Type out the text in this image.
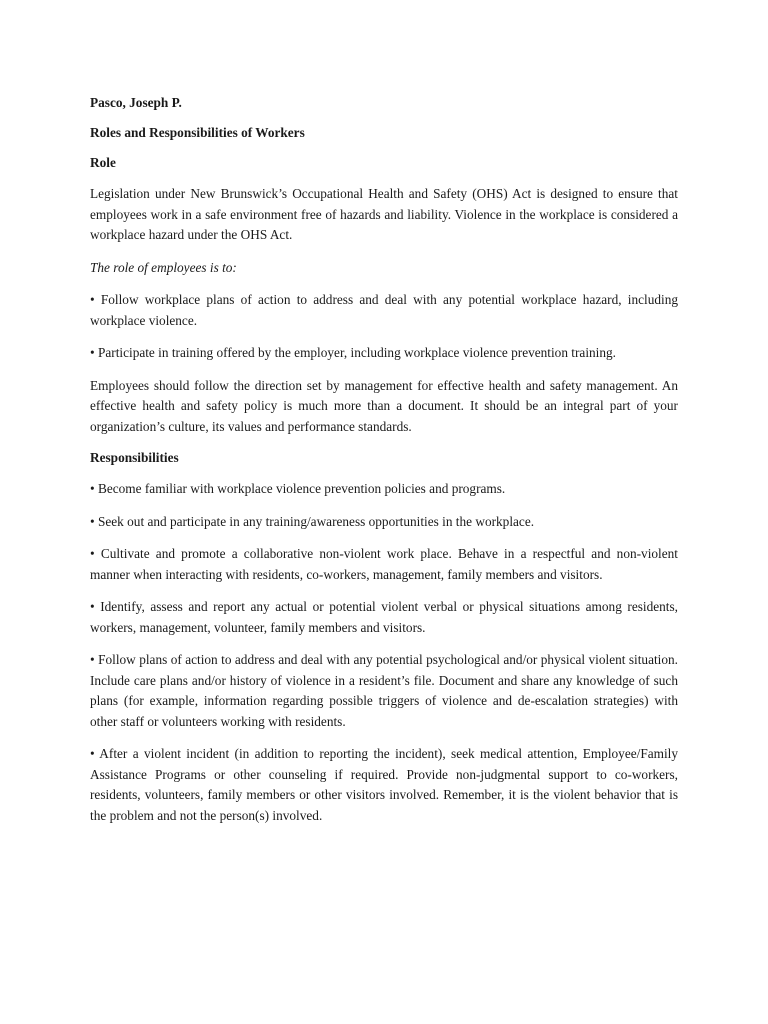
Pasco, Joseph P.
Roles and Responsibilities of Workers
Role

Legislation under New Brunswick’s Occupational Health and Safety (OHS) Act is designed to ensure that employees work in a safe environment free of hazards and liability. Violence in the workplace is considered a workplace hazard under the OHS Act.

The role of employees is to:

• Follow workplace plans of action to address and deal with any potential workplace hazard, including workplace violence.

• Participate in training offered by the employer, including workplace violence prevention training.

Employees should follow the direction set by management for effective health and safety management. An effective health and safety policy is much more than a document. It should be an integral part of your organization’s culture, its values and performance standards.

Responsibilities

• Become familiar with workplace violence prevention policies and programs.

• Seek out and participate in any training/awareness opportunities in the workplace.

• Cultivate and promote a collaborative non-violent work place. Behave in a respectful and non-violent manner when interacting with residents, co-workers, management, family members and visitors.

• Identify, assess and report any actual or potential violent verbal or physical situations among residents, workers, management, volunteer, family members and visitors.

• Follow plans of action to address and deal with any potential psychological and/or physical violent situation. Include care plans and/or history of violence in a resident’s file. Document and share any knowledge of such plans (for example, information regarding possible triggers of violence and de-escalation strategies) with other staff or volunteers working with residents.

• After a violent incident (in addition to reporting the incident), seek medical attention, Employee/Family Assistance Programs or other counseling if required. Provide non-judgmental support to co-workers, residents, volunteers, family members or other visitors involved. Remember, it is the violent behavior that is the problem and not the person(s) involved.
